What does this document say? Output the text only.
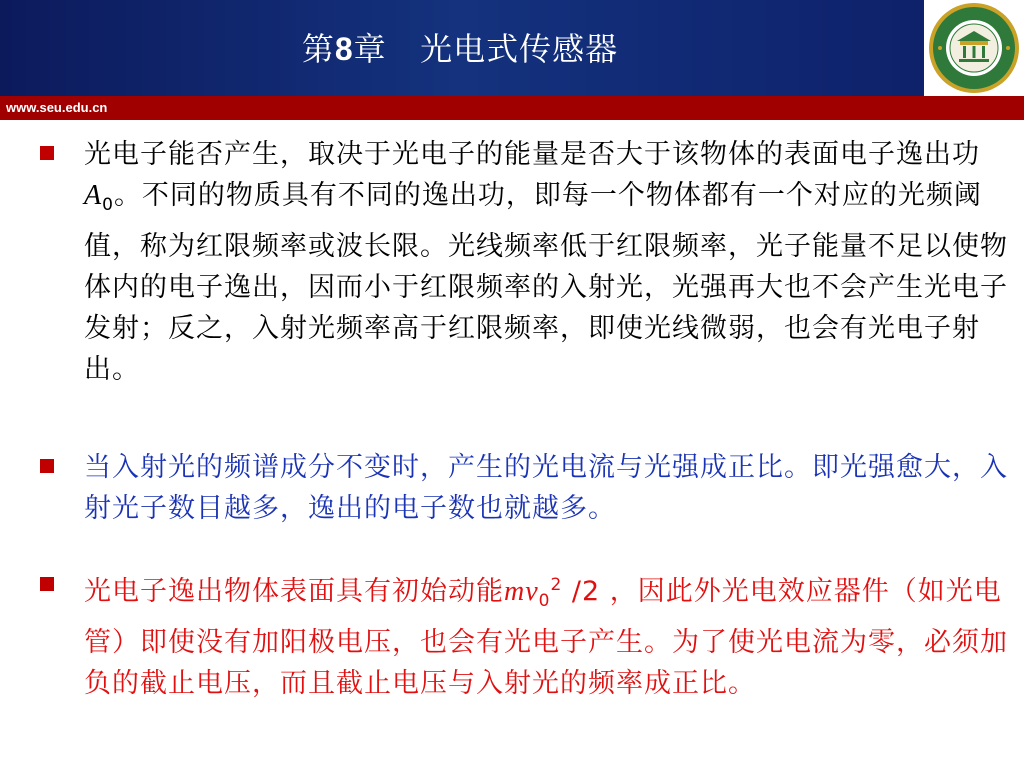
第8章   光电式传感器
www.seu.edu.cn
光电子能否产生，取决于光电子的能量是否大于该物体的表面电子逸出功$A_0$。不同的物质具有不同的逸出功，即每一个物体都有一个对应的光频阈值，称为红限频率或波长限。光线频率低于红限频率，光子能量不足以使物体内的电子逸出，因而小于红限频率的入射光，光强再大也不会产生光电子发射；反之，入射光频率高于红限频率，即使光线微弱，也会有光电子射出。
当入射光的频谱成分不变时，产生的光电流与光强成正比。即光强愈大，入射光子数目越多，逸出的电子数也就越多。
光电子逸出物体表面具有初始动能$mv_0^2$ /2 ，因此外光电效应器件（如光电管）即使没有加阳极电压，也会有光电子产生。为了使光电流为零，必须加负的截止电压，而且截止电压与入射光的频率成正比。
